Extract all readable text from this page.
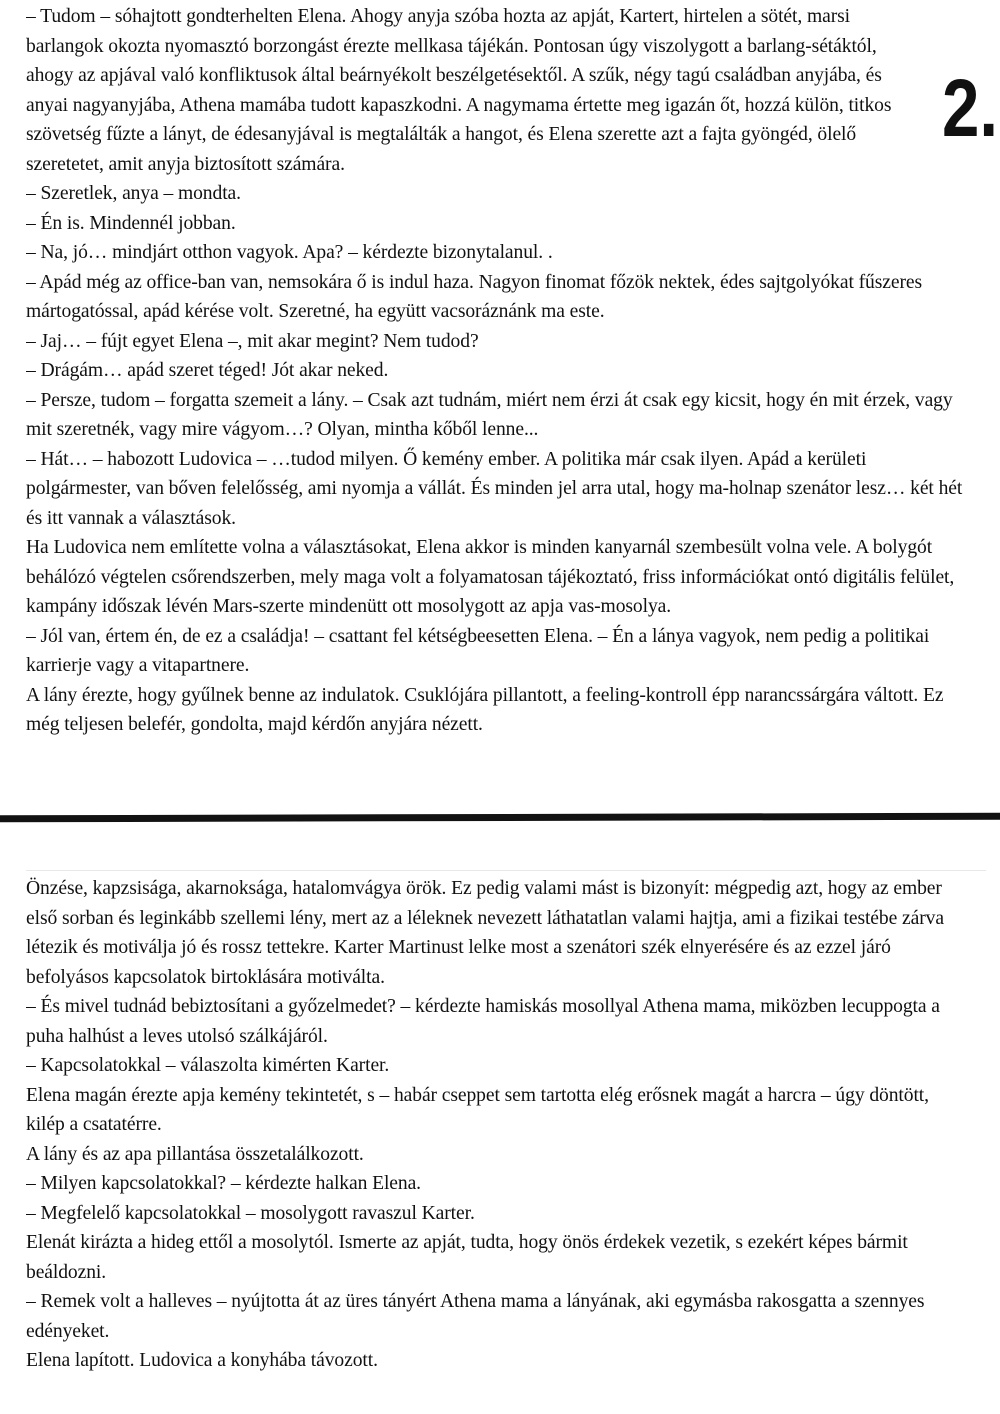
– Tudom – sóhajtott gondterhelten Elena. Ahogy anyja szóba hozta az apját, Kartert, hirtelen a sötét, marsi barlangok okozta nyomasztó borzongást érezte mellkasa tájékán. Pontosan úgy viszolygott a barlang-sétáktól, ahogy az apjával való konfliktusok által beárnyékolt beszélgetésektől. A szűk, négy tagú családban anyjába, és anyai nagyanyjába, Athena mamába tudott kapaszkodni. A nagymama értette meg igazán őt, hozzá külön, titkos szövetség fűzte a lányt, de édesanyjával is megtalálták a hangot, és Elena szerette azt a fajta gyöngéd, ölelő szeretetet, amit anyja biztosított számára.

– Szeretlek, anya – mondta.

– Én is. Mindennél jobban.

– Na, jó… mindjárt otthon vagyok. Apa? – kérdezte bizonytalanul. .

– Apád még az office-ban van, nemsokára ő is indul haza. Nagyon finomat főzök nektek, édes sajtgolyókat fűszeres mártogatóssal, apád kérése volt. Szeretné, ha együtt vacsoráznánk ma este.

– Jaj… – fújt egyet Elena –, mit akar megint? Nem tudod?

– Drágám… apád szeret téged! Jót akar neked.

– Persze, tudom – forgatta szemeit a lány. – Csak azt tudnám, miért nem érzi át csak egy kicsit, hogy én mit érzek, vagy mit szeretnék, vagy mire vágyom…? Olyan, mintha kőből lenne...

– Hát… – habozott Ludovica – …tudod milyen. Ő kemény ember. A politika már csak ilyen. Apád a kerületi polgármester, van bőven felelősség, ami nyomja a vállát. És minden jel arra utal, hogy ma-holnap szenátor lesz… két hét és itt vannak a választások.

Ha Ludovica nem említette volna a választásokat, Elena akkor is minden kanyarnál szembesült volna vele. A bolygót behálózó végtelen csőrendszerben, mely maga volt a folyamatosan tájékoztató, friss információkat ontó digitális felület, kampány időszak lévén Mars-szerte mindenütt ott mosolygott az apja vas-mosolya.

– Jól van, értem én, de ez a családja! – csattant fel kétségbeesetten Elena. – Én a lánya vagyok, nem pedig a politikai karrierje vagy a vitapartnere.

A lány érezte, hogy gyűlnek benne az indulatok. Csuklójára pillantott, a feeling-kontroll épp narancssárgára váltott. Ez még teljesen belefér, gondolta, majd kérdőn anyjára nézett.

2.

Önzése, kapzsisága, akarnoksága, hatalomvágya örök. Ez pedig valami mást is bizonyít: mégpedig azt, hogy az ember első sorban és leginkább szellemi lény, mert az a léleknek nevezett láthatatlan valami hajtja, ami a fizikai testébe zárva létezik és motiválja jó és rossz tettekre. Karter Martinust lelke most a szenátori szék elnyerésére és az ezzel járó befolyásos kapcsolatok birtoklására motiválta.

– És mivel tudnád bebiztosítani a győzelmedet? – kérdezte hamiskás mosollyal Athena mama, miközben lecuppogta a puha halhúst a leves utolsó szálkájáról.

– Kapcsolatokkal – válaszolta kimérten Karter.

Elena magán érezte apja kemény tekintetét, s – habár cseppet sem tartotta elég erősnek magát a harcra – úgy döntött, kilép a csatatérre.

A lány és az apa pillantása összetalálkozott.

– Milyen kapcsolatokkal? – kérdezte halkan Elena.

– Megfelelő kapcsolatokkal – mosolygott ravaszul Karter.

Elenát kirázta a hideg ettől a mosolytól. Ismerte az apját, tudta, hogy önös érdekek vezetik, s ezekért képes bármit beáldozni.

– Remek volt a halleves – nyújtotta át az üres tányért Athena mama a lányának, aki egymásba rakosgatta a szennyes edényeket.

Elena lapított. Ludovica a konyhába távozott.
